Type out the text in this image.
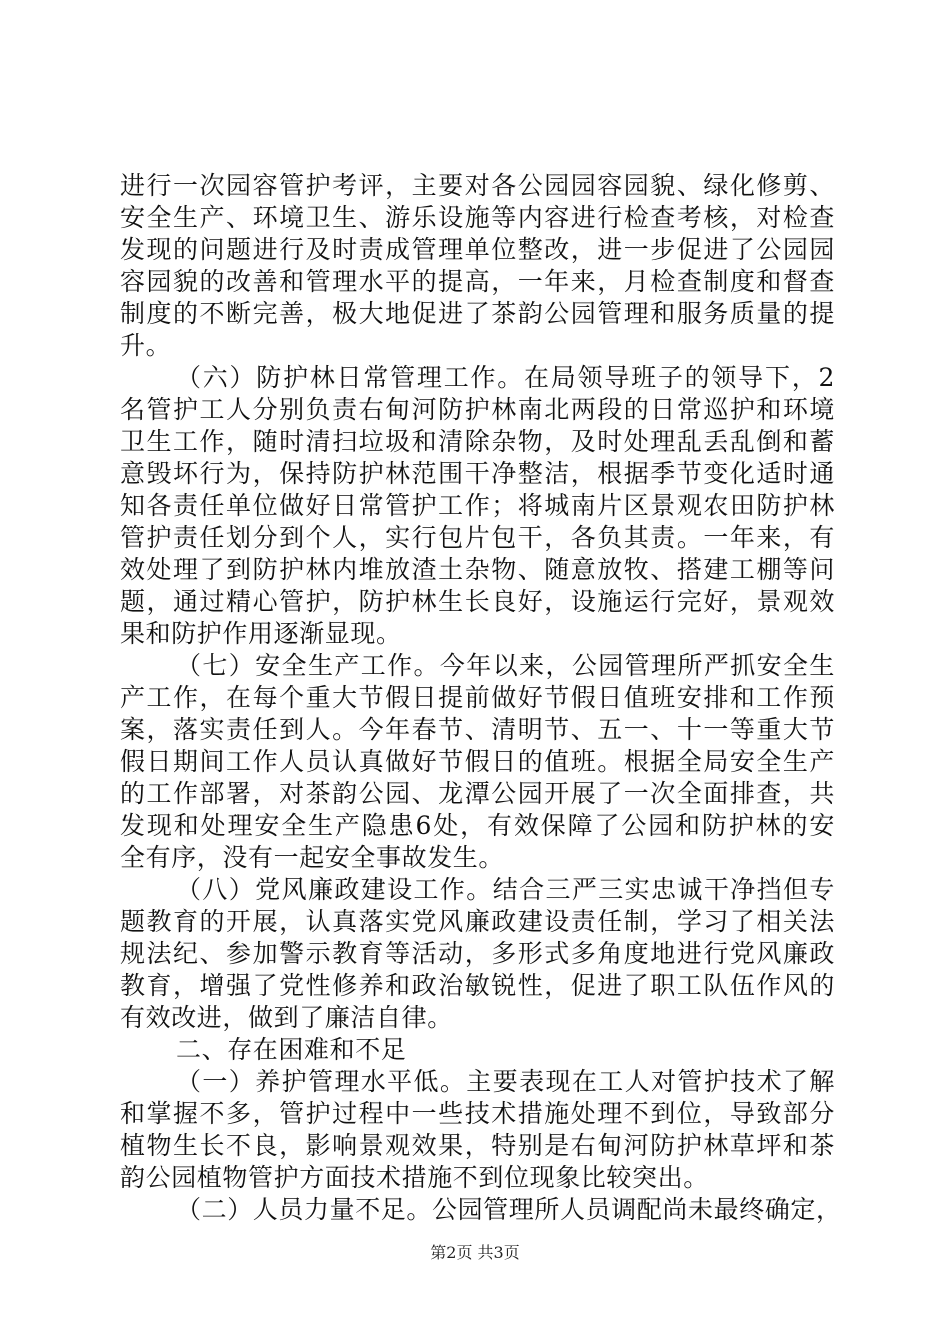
进行一次园容管护考评，主要对各公园园容园貌、绿化修剪、
安全生产、环境卫生、游乐设施等内容进行检查考核，对检查
发现的问题进行及时责成管理单位整改，进一步促进了公园园
容园貌的改善和管理水平的提高，一年来，月检查制度和督查
制度的不断完善，极大地促进了茶韵公园管理和服务质量的提
升。
（六）防护林日常管理工作。在局领导班子的领导下，2
名管护工人分别负责右甸河防护林南北两段的日常巡护和环境
卫生工作，随时清扫垃圾和清除杂物，及时处理乱丢乱倒和蓄
意毁坏行为，保持防护林范围干净整洁，根据季节变化适时通
知各责任单位做好日常管护工作；将城南片区景观农田防护林
管护责任划分到个人，实行包片包干，各负其责。一年来，有
效处理了到防护林内堆放渣土杂物、随意放牧、搭建工棚等问
题，通过精心管护，防护林生长良好，设施运行完好，景观效
果和防护作用逐渐显现。
（七）安全生产工作。今年以来，公园管理所严抓安全生
产工作，在每个重大节假日提前做好节假日值班安排和工作预
案，落实责任到人。今年春节、清明节、五一、十一等重大节
假日期间工作人员认真做好节假日的值班。根据全局安全生产
的工作部署，对茶韵公园、龙潭公园开展了一次全面排查，共
发现和处理安全生产隐患6处，有效保障了公园和防护林的安
全有序，没有一起安全事故发生。
（八）党风廉政建设工作。结合三严三实忠诚干净挡但专
题教育的开展，认真落实党风廉政建设责任制，学习了相关法
规法纪、参加警示教育等活动，多形式多角度地进行党风廉政
教育，增强了党性修养和政治敏锐性，促进了职工队伍作风的
有效改进，做到了廉洁自律。
二、存在困难和不足
（一）养护管理水平低。主要表现在工人对管护技术了解
和掌握不多，管护过程中一些技术措施处理不到位，导致部分
植物生长不良，影响景观效果，特别是右甸河防护林草坪和茶
韵公园植物管护方面技术措施不到位现象比较突出。
（二）人员力量不足。公园管理所人员调配尚未最终确定，
第2页 共3页
